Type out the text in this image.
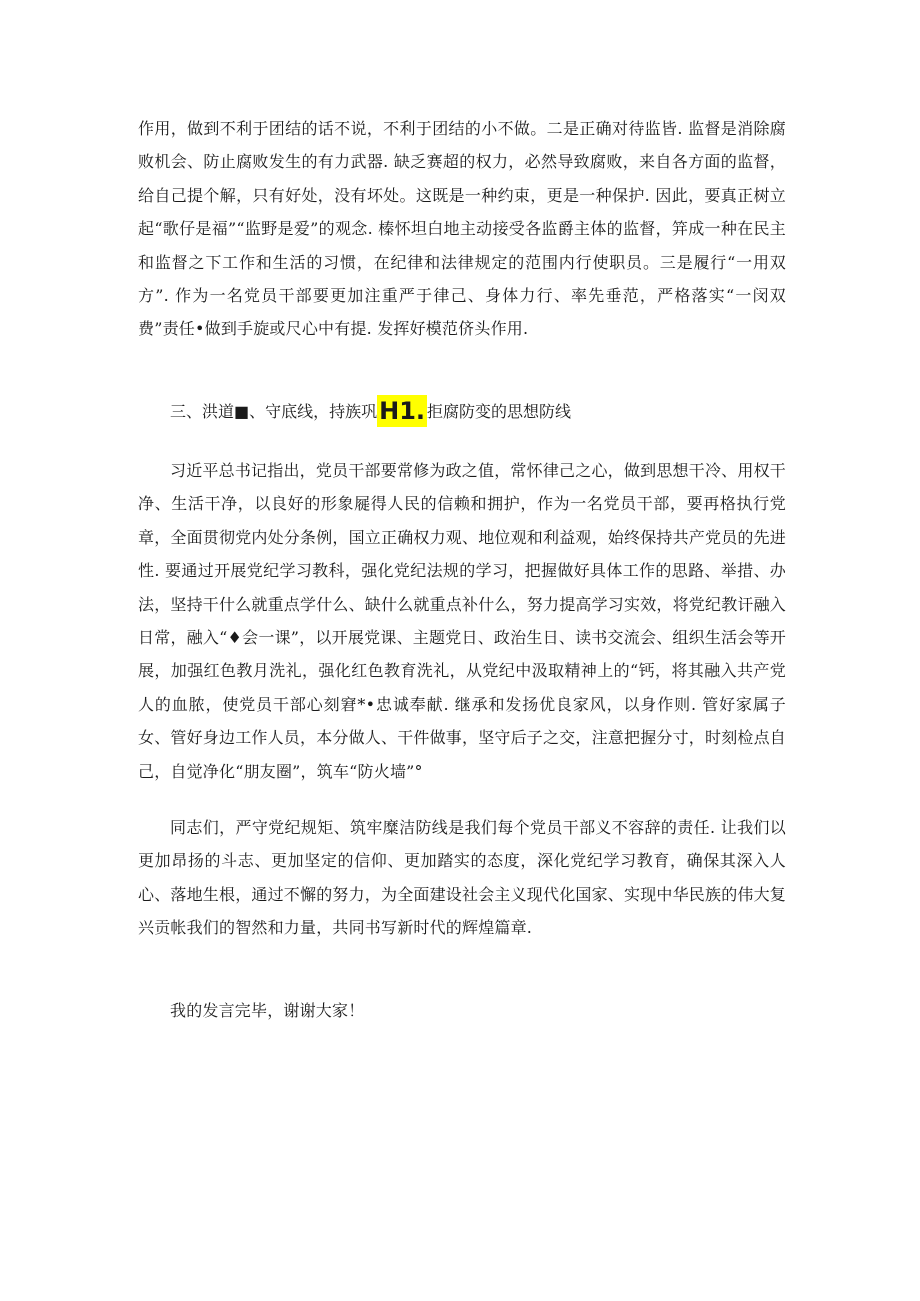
作用，做到不利于团结的话不说，不利于团结的小不做。二是正确对待监皆. 监督是消除腐败机会、防止腐败发生的有力武器. 缺乏赛超的权力，必然导致腐败，来自各方面的监督，给自己提个解，只有好处，没有坏处。这既是一种约束，更是一种保护. 因此，要真正树立起“歌仔是福”“监野是爱”的观念. 榛怀坦白地主动接受各监爵主体的监督，笄成一种在民主和监督之下工作和生活的习惯，在纪律和法律规定的范围内行使职员。三是履行“一用双方”. 作为一名党员干部要更加注重严于律己、身体力行、率先垂范，严格落实“一闵双费”责任•做到手旋或尺心中有提. 发挥好模范侪头作用.

三、洪道■、守底线，持族巩H1. 拒腐防变的思想防线

习近平总书记指出，党员干部要常修为政之值，常怀律己之心，做到思想干冷、用权干净、生活干净，以良好的形象屣得人民的信赖和拥护，作为一名党员干部，要再格执行党章，全面贯彻党内处分条例，国立正确权力观、地位观和利益观，始终保持共产党员的先进性. 要通过开展党纪学习教科，强化党纪法规的学习，把握做好具体工作的思路、举措、办法，坚持干什么就重点学什么、缺什么就重点补什么，努力提高学习实效，将党纪教讦融入日常，融入“♦会一课”，以开展党课、主题党日、政治生日、读书交流会、组织生活会等开展，加强红色教月洗礼，强化红色教育洗礼，从党纪中汲取精神上的“钙，将其融入共产党人的血脓，使党员干部心刻窘*•忠诚奉献. 继承和发扬优良家风，以身作则. 管好家属子女、管好身边工作人员，本分做人、干件做事，坚守后子之交，注意把握分寸，时刻检点自己，自觉净化“朋友圈”，筑车“防火墙”°

同志们，严守党纪规矩、筑牢糜洁防线是我们每个党员干部义不容辞的责任. 让我们以更加昂扬的斗志、更加坚定的信仰、更加踏实的态度，深化党纪学习教育，确保其深入人心、落地生根，通过不懈的努力，为全面建设社会主义现代化国家、实现中华民族的伟大复兴贡帐我们的智然和力量，共同书写新时代的辉煌篇章.

我的发言完毕，谢谢大家！
